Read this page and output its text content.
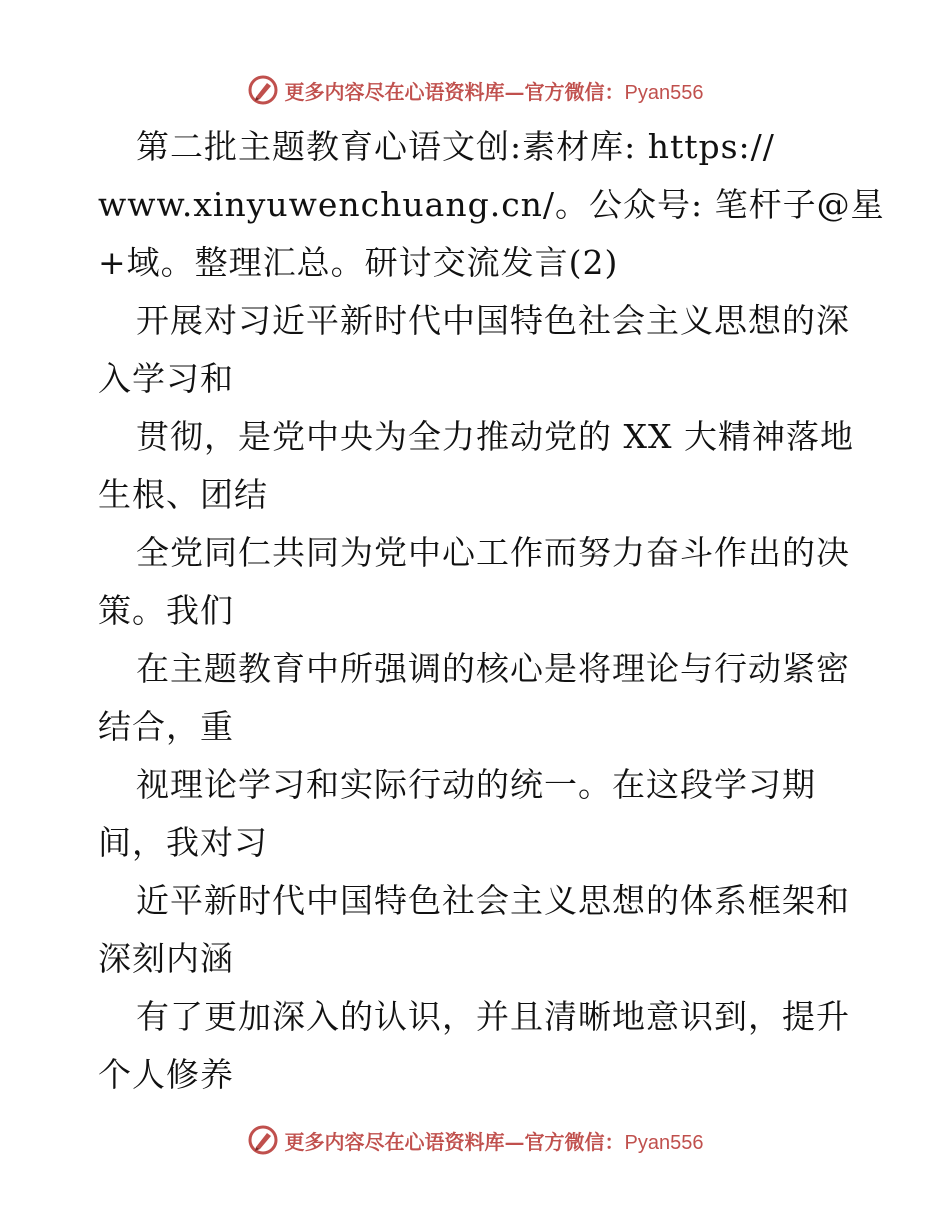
更多内容尽在心语资料库—官方微信：Pyan556
第二批主题教育心语文创:素材库: https://
www.xinyuwenchuang.cn/。公众号: 笔杆子@星
+域。整理汇总。研讨交流发言(2)
开展对习近平新时代中国特色社会主义思想的深
入学习和
贯彻，是党中央为全力推动党的 XX 大精神落地
生根、团结
全党同仁共同为党中心工作而努力奋斗作出的决
策。我们
在主题教育中所强调的核心是将理论与行动紧密
结合，重
视理论学习和实际行动的统一。在这段学习期
间，我对习
近平新时代中国特色社会主义思想的体系框架和
深刻内涵
有了更加深入的认识，并且清晰地意识到，提升
个人修养
更多内容尽在心语资料库—官方微信：Pyan556
